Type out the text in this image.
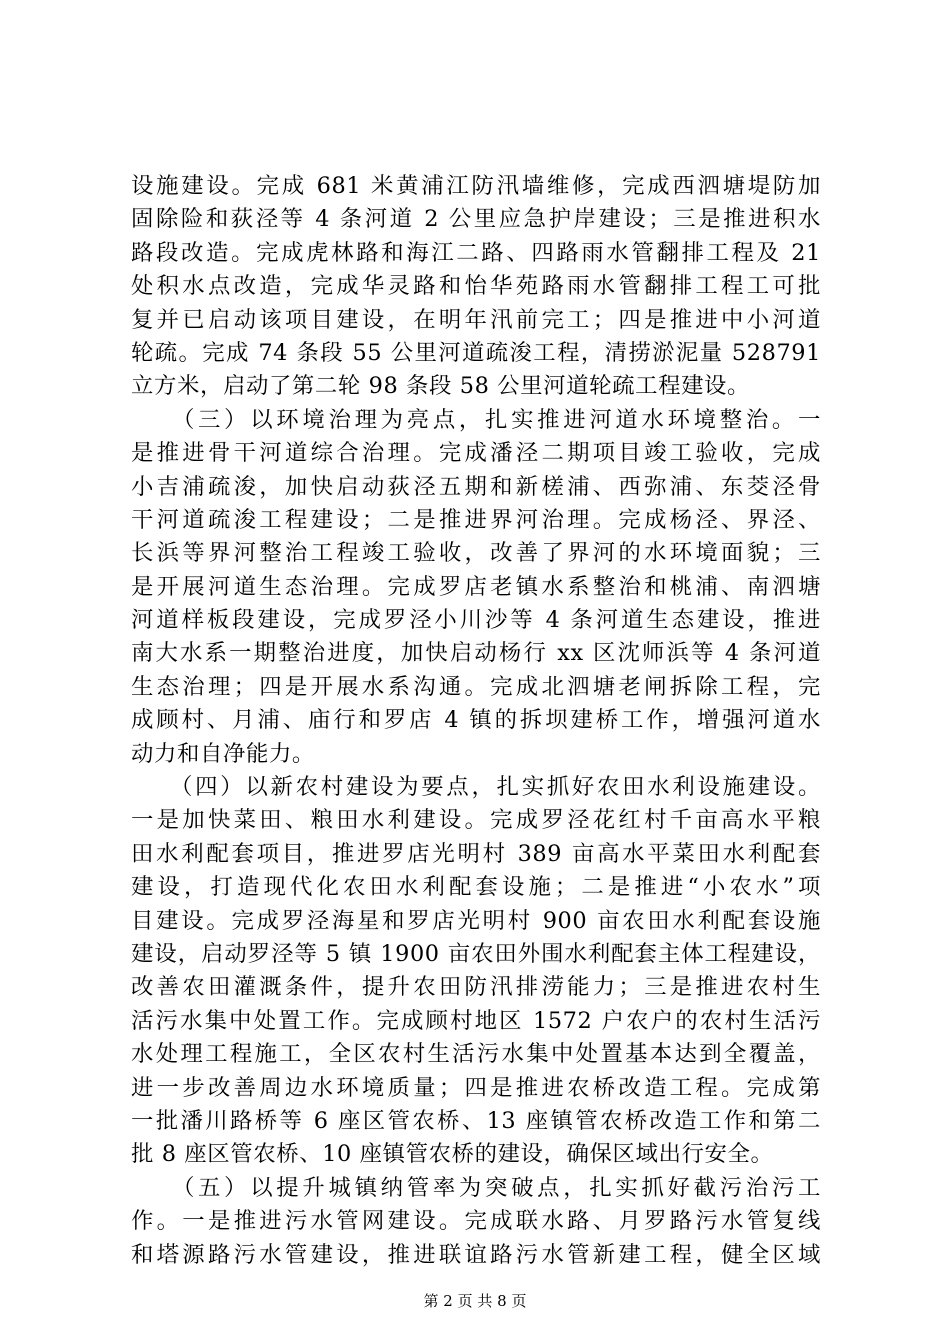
设施建设。完成 681 米黄浦江防汛墙维修，完成西泗塘堤防加
固除险和荻泾等 4 条河道 2 公里应急护岸建设；三是推进积水
路段改造。完成虎林路和海江二路、四路雨水管翻排工程及 21
处积水点改造，完成华灵路和怡华苑路雨水管翻排工程工可批
复并已启动该项目建设，在明年汛前完工；四是推进中小河道
轮疏。完成 74 条段 55 公里河道疏浚工程，清捞淤泥量 528791
立方米，启动了第二轮 98 条段 58 公里河道轮疏工程建设。
　　（三）以环境治理为亮点，扎实推进河道水环境整治。一
是推进骨干河道综合治理。完成潘泾二期项目竣工验收，完成
小吉浦疏浚，加快启动荻泾五期和新槎浦、西弥浦、东茭泾骨
干河道疏浚工程建设；二是推进界河治理。完成杨泾、界泾、
长浜等界河整治工程竣工验收，改善了界河的水环境面貌；三
是开展河道生态治理。完成罗店老镇水系整治和桃浦、南泗塘
河道样板段建设，完成罗泾小川沙等 4 条河道生态建设，推进
南大水系一期整治进度，加快启动杨行 xx 区沈师浜等 4 条河道
生态治理；四是开展水系沟通。完成北泗塘老闸拆除工程，完
成顾村、月浦、庙行和罗店 4 镇的拆坝建桥工作，增强河道水
动力和自净能力。
　　（四）以新农村建设为要点，扎实抓好农田水利设施建设。
一是加快菜田、粮田水利建设。完成罗泾花红村千亩高水平粮
田水利配套项目，推进罗店光明村 389 亩高水平菜田水利配套
建设，打造现代化农田水利配套设施；二是推进“小农水”项
目建设。完成罗泾海星和罗店光明村 900 亩农田水利配套设施
建设，启动罗泾等 5 镇 1900 亩农田外围水利配套主体工程建设，
改善农田灌溉条件，提升农田防汛排涝能力；三是推进农村生
活污水集中处置工作。完成顾村地区 1572 户农户的农村生活污
水处理工程施工，全区农村生活污水集中处置基本达到全覆盖，
进一步改善周边水环境质量；四是推进农桥改造工程。完成第
一批潘川路桥等 6 座区管农桥、13 座镇管农桥改造工作和第二
批 8 座区管农桥、10 座镇管农桥的建设，确保区域出行安全。
　　（五）以提升城镇纳管率为突破点，扎实抓好截污治污工
作。一是推进污水管网建设。完成联水路、月罗路污水管复线
和塔源路污水管建设，推进联谊路污水管新建工程，健全区域
第 2 页 共 8 页
